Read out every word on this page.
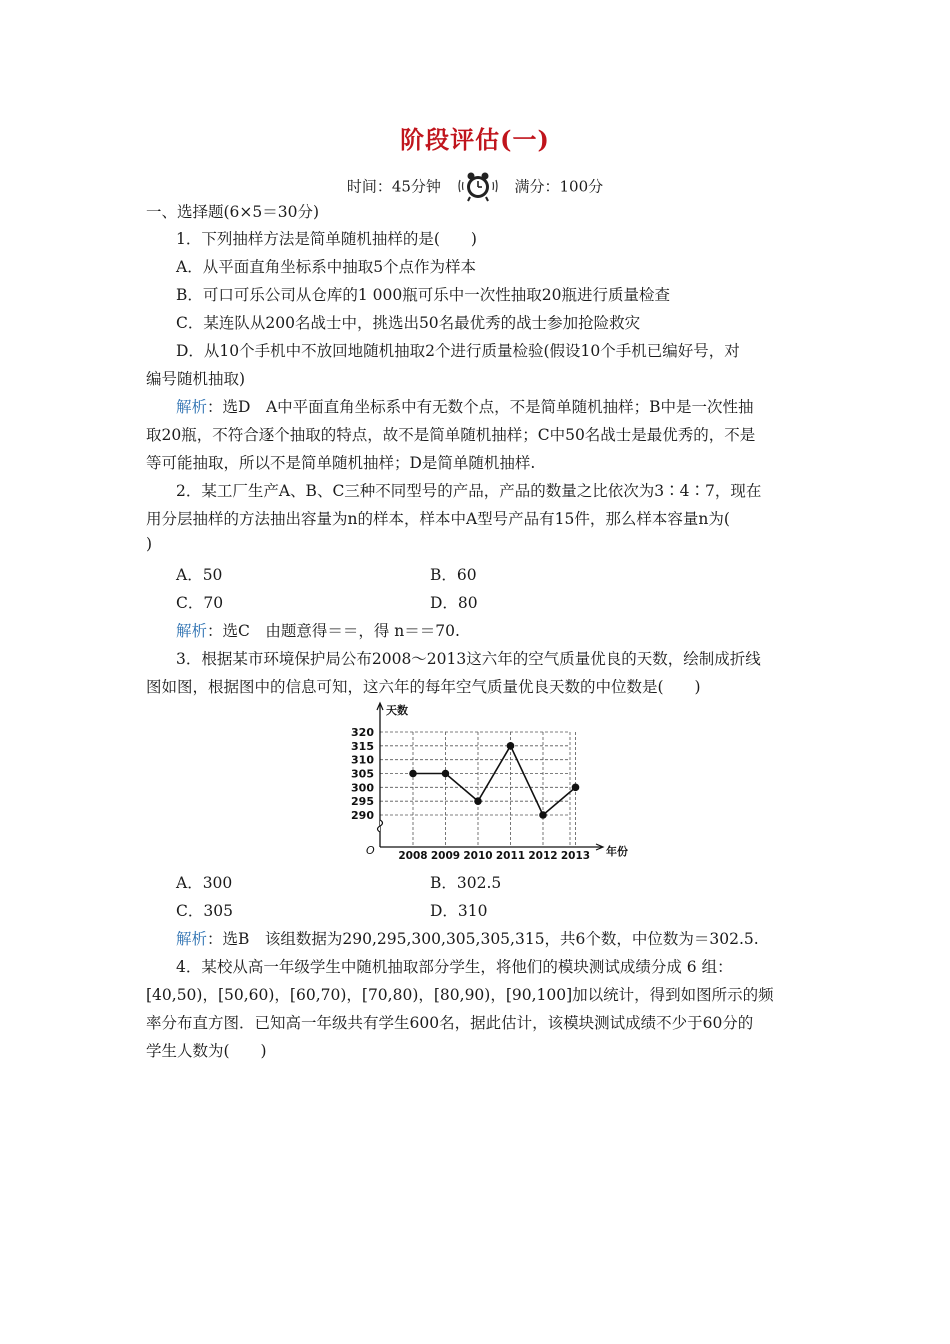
阶段评估(一)
时间：45分钟	满分：100分
一、选择题(6×5＝30分)
1．下列抽样方法是简单随机抽样的是(　　)
A．从平面直角坐标系中抽取5个点作为样本
B．可口可乐公司从仓库的1 000瓶可乐中一次性抽取20瓶进行质量检查
C．某连队从200名战士中，挑选出50名最优秀的战士参加抢险救灾
D．从10个手机中不放回地随机抽取2个进行质量检验(假设10个手机已编好号，对
编号随机抽取)
解析：选D　A中平面直角坐标系中有无数个点，不是简单随机抽样；B中是一次性抽
取20瓶，不符合逐个抽取的特点，故不是简单随机抽样；C中50名战士是最优秀的，不是
等可能抽取，所以不是简单随机抽样；D是简单随机抽样.
2．某工厂生产A、B、C三种不同型号的产品，产品的数量之比依次为3∶4∶7，现在
用分层抽样的方法抽出容量为n的样本，样本中A型号产品有15件，那么样本容量n为(
)
A．50	B．60
C．70	D．80
解析：选C　由题意得＝＝，得 n＝＝70.
3．根据某市环境保护局公布2008～2013这六年的空气质量优良的天数，绘制成折线
图如图，根据图中的信息可知，这六年的每年空气质量优良天数的中位数是(　　)
290
295
300
305
310
315
320
2008 2009 2010 2011 2012 2013
天数
年份
O
A．300	B．302.5
C．305	D．310
解析：选B　该组数据为290,295,300,305,305,315，共6个数，中位数为＝302.5.
4．某校从高一年级学生中随机抽取部分学生，将他们的模块测试成绩分成 6 组：
[40,50)，[50,60)，[60,70)，[70,80)，[80,90)，[90,100]加以统计，得到如图所示的频
率分布直方图．已知高一年级共有学生600名，据此估计，该模块测试成绩不少于60分的
学生人数为(　　)
